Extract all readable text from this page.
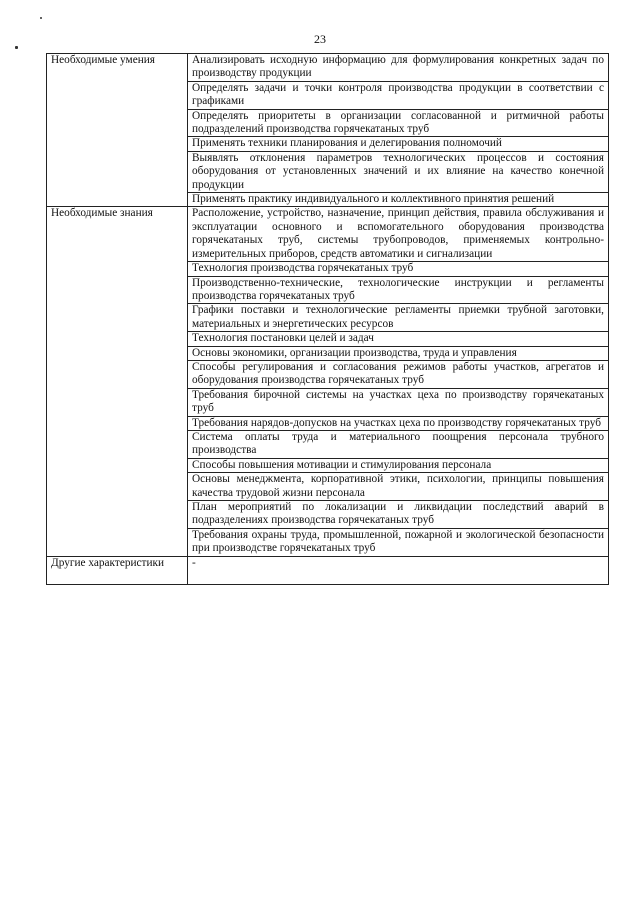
23
Необходимые умения	Анализировать исходную информацию для формулирования конкретных задач по производству продукции
	Определять задачи и точки контроля производства продукции в соответствии с графиками
	Определять приоритеты в организации согласованной и ритмичной работы подразделений производства горячекатаных труб
	Применять техники планирования и делегирования полномочий
	Выявлять отклонения параметров технологических процессов и состояния оборудования от установленных значений и их влияние на качество конечной продукции
	Применять практику индивидуального и коллективного принятия решений
Необходимые знания	Расположение, устройство, назначение, принцип действия, правила обслуживания и эксплуатации основного и вспомогательного оборудования производства горячекатаных труб, системы трубопроводов, применяемых контрольно-измерительных приборов, средств автоматики и сигнализации
	Технология производства горячекатаных труб
	Производственно-технические, технологические инструкции и регламенты производства горячекатаных труб
	Графики поставки и технологические регламенты приемки трубной заготовки, материальных и энергетических ресурсов
	Технология постановки целей и задач
	Основы экономики, организации производства, труда и управления
	Способы регулирования и согласования режимов работы участков, агрегатов и оборудования производства горячекатаных труб
	Требования бирочной системы на участках цеха по производству горячекатаных труб
	Требования нарядов-допусков на участках цеха по производству горячекатаных труб
	Система оплаты труда и материального поощрения персонала трубного производства
	Способы повышения мотивации и стимулирования персонала
	Основы менеджмента, корпоративной этики, психологии, принципы повышения качества трудовой жизни персонала
	План мероприятий по локализации и ликвидации последствий аварий в подразделениях производства горячекатаных труб
	Требования охраны труда, промышленной, пожарной и экологической безопасности при производстве горячекатаных труб
Другие характеристики	-
